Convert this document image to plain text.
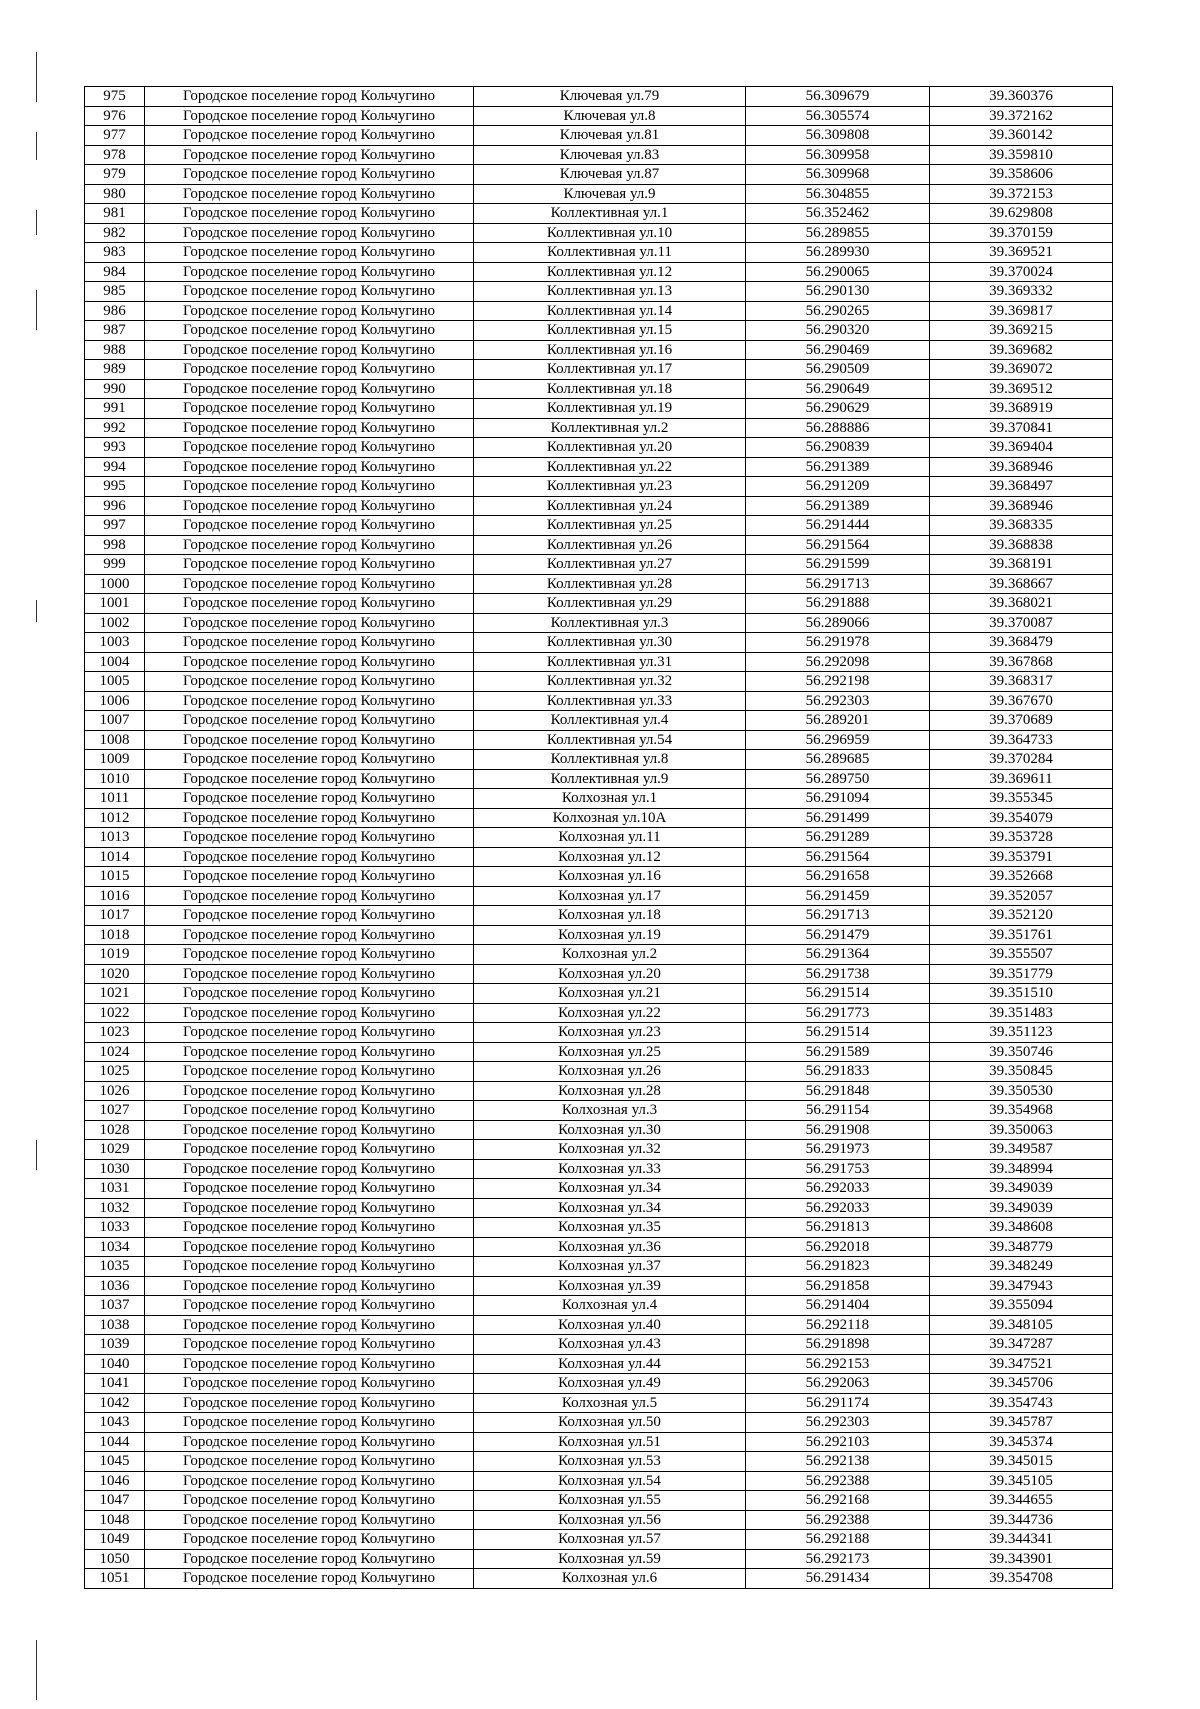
975	Городское поселение город Кольчугино	Ключевая ул.79	56.309679	39.360376
976	Городское поселение город Кольчугино	Ключевая ул.8	56.305574	39.372162
977	Городское поселение город Кольчугино	Ключевая ул.81	56.309808	39.360142
978	Городское поселение город Кольчугино	Ключевая ул.83	56.309958	39.359810
979	Городское поселение город Кольчугино	Ключевая ул.87	56.309968	39.358606
980	Городское поселение город Кольчугино	Ключевая ул.9	56.304855	39.372153
981	Городское поселение город Кольчугино	Коллективная ул.1	56.352462	39.629808
982	Городское поселение город Кольчугино	Коллективная ул.10	56.289855	39.370159
983	Городское поселение город Кольчугино	Коллективная ул.11	56.289930	39.369521
984	Городское поселение город Кольчугино	Коллективная ул.12	56.290065	39.370024
985	Городское поселение город Кольчугино	Коллективная ул.13	56.290130	39.369332
986	Городское поселение город Кольчугино	Коллективная ул.14	56.290265	39.369817
987	Городское поселение город Кольчугино	Коллективная ул.15	56.290320	39.369215
988	Городское поселение город Кольчугино	Коллективная ул.16	56.290469	39.369682
989	Городское поселение город Кольчугино	Коллективная ул.17	56.290509	39.369072
990	Городское поселение город Кольчугино	Коллективная ул.18	56.290649	39.369512
991	Городское поселение город Кольчугино	Коллективная ул.19	56.290629	39.368919
992	Городское поселение город Кольчугино	Коллективная ул.2	56.288886	39.370841
993	Городское поселение город Кольчугино	Коллективная ул.20	56.290839	39.369404
994	Городское поселение город Кольчугино	Коллективная ул.22	56.291389	39.368946
995	Городское поселение город Кольчугино	Коллективная ул.23	56.291209	39.368497
996	Городское поселение город Кольчугино	Коллективная ул.24	56.291389	39.368946
997	Городское поселение город Кольчугино	Коллективная ул.25	56.291444	39.368335
998	Городское поселение город Кольчугино	Коллективная ул.26	56.291564	39.368838
999	Городское поселение город Кольчугино	Коллективная ул.27	56.291599	39.368191
1000	Городское поселение город Кольчугино	Коллективная ул.28	56.291713	39.368667
1001	Городское поселение город Кольчугино	Коллективная ул.29	56.291888	39.368021
1002	Городское поселение город Кольчугино	Коллективная ул.3	56.289066	39.370087
1003	Городское поселение город Кольчугино	Коллективная ул.30	56.291978	39.368479
1004	Городское поселение город Кольчугино	Коллективная ул.31	56.292098	39.367868
1005	Городское поселение город Кольчугино	Коллективная ул.32	56.292198	39.368317
1006	Городское поселение город Кольчугино	Коллективная ул.33	56.292303	39.367670
1007	Городское поселение город Кольчугино	Коллективная ул.4	56.289201	39.370689
1008	Городское поселение город Кольчугино	Коллективная ул.54	56.296959	39.364733
1009	Городское поселение город Кольчугино	Коллективная ул.8	56.289685	39.370284
1010	Городское поселение город Кольчугино	Коллективная ул.9	56.289750	39.369611
1011	Городское поселение город Кольчугино	Колхозная ул.1	56.291094	39.355345
1012	Городское поселение город Кольчугино	Колхозная ул.10А	56.291499	39.354079
1013	Городское поселение город Кольчугино	Колхозная ул.11	56.291289	39.353728
1014	Городское поселение город Кольчугино	Колхозная ул.12	56.291564	39.353791
1015	Городское поселение город Кольчугино	Колхозная ул.16	56.291658	39.352668
1016	Городское поселение город Кольчугино	Колхозная ул.17	56.291459	39.352057
1017	Городское поселение город Кольчугино	Колхозная ул.18	56.291713	39.352120
1018	Городское поселение город Кольчугино	Колхозная ул.19	56.291479	39.351761
1019	Городское поселение город Кольчугино	Колхозная ул.2	56.291364	39.355507
1020	Городское поселение город Кольчугино	Колхозная ул.20	56.291738	39.351779
1021	Городское поселение город Кольчугино	Колхозная ул.21	56.291514	39.351510
1022	Городское поселение город Кольчугино	Колхозная ул.22	56.291773	39.351483
1023	Городское поселение город Кольчугино	Колхозная ул.23	56.291514	39.351123
1024	Городское поселение город Кольчугино	Колхозная ул.25	56.291589	39.350746
1025	Городское поселение город Кольчугино	Колхозная ул.26	56.291833	39.350845
1026	Городское поселение город Кольчугино	Колхозная ул.28	56.291848	39.350530
1027	Городское поселение город Кольчугино	Колхозная ул.3	56.291154	39.354968
1028	Городское поселение город Кольчугино	Колхозная ул.30	56.291908	39.350063
1029	Городское поселение город Кольчугино	Колхозная ул.32	56.291973	39.349587
1030	Городское поселение город Кольчугино	Колхозная ул.33	56.291753	39.348994
1031	Городское поселение город Кольчугино	Колхозная ул.34	56.292033	39.349039
1032	Городское поселение город Кольчугино	Колхозная ул.34	56.292033	39.349039
1033	Городское поселение город Кольчугино	Колхозная ул.35	56.291813	39.348608
1034	Городское поселение город Кольчугино	Колхозная ул.36	56.292018	39.348779
1035	Городское поселение город Кольчугино	Колхозная ул.37	56.291823	39.348249
1036	Городское поселение город Кольчугино	Колхозная ул.39	56.291858	39.347943
1037	Городское поселение город Кольчугино	Колхозная ул.4	56.291404	39.355094
1038	Городское поселение город Кольчугино	Колхозная ул.40	56.292118	39.348105
1039	Городское поселение город Кольчугино	Колхозная ул.43	56.291898	39.347287
1040	Городское поселение город Кольчугино	Колхозная ул.44	56.292153	39.347521
1041	Городское поселение город Кольчугино	Колхозная ул.49	56.292063	39.345706
1042	Городское поселение город Кольчугино	Колхозная ул.5	56.291174	39.354743
1043	Городское поселение город Кольчугино	Колхозная ул.50	56.292303	39.345787
1044	Городское поселение город Кольчугино	Колхозная ул.51	56.292103	39.345374
1045	Городское поселение город Кольчугино	Колхозная ул.53	56.292138	39.345015
1046	Городское поселение город Кольчугино	Колхозная ул.54	56.292388	39.345105
1047	Городское поселение город Кольчугино	Колхозная ул.55	56.292168	39.344655
1048	Городское поселение город Кольчугино	Колхозная ул.56	56.292388	39.344736
1049	Городское поселение город Кольчугино	Колхозная ул.57	56.292188	39.344341
1050	Городское поселение город Кольчугино	Колхозная ул.59	56.292173	39.343901
1051	Городское поселение город Кольчугино	Колхозная ул.6	56.291434	39.354708
